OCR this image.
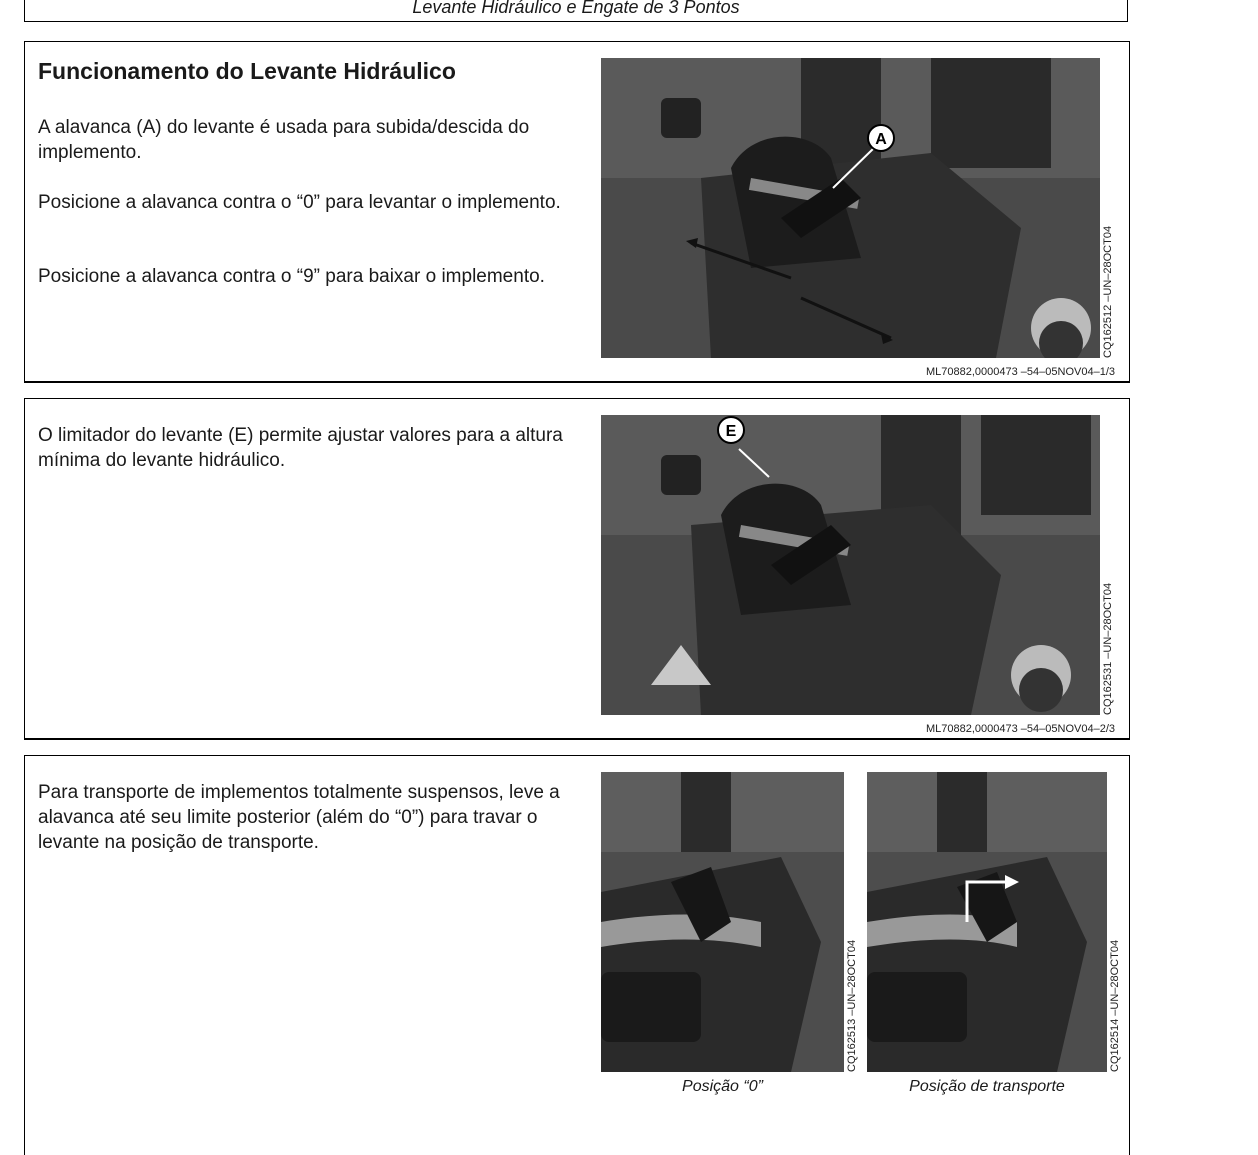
Levante Hidráulico e Engate de 3 Pontos
Funcionamento do Levante Hidráulico
A alavanca (A) do levante é usada para subida/descida do implemento.
Posicione a alavanca contra o “0” para levantar o implemento.
Posicione a alavanca contra o “9” para baixar o implemento.
A
CQ162512 –UN–28OCT04
ML70882,0000473 –54–05NOV04–1/3
O limitador do levante (E) permite ajustar valores para a altura mínima do levante hidráulico.
E
CQ162531 –UN–28OCT04
ML70882,0000473 –54–05NOV04–2/3
Para transporte de implementos totalmente suspensos, leve a alavanca até seu limite posterior (além do “0”) para travar o levante na posição de transporte.
CQ162513 –UN–28OCT04
Posição “0”
CQ162514 –UN–28OCT04
Posição de transporte
